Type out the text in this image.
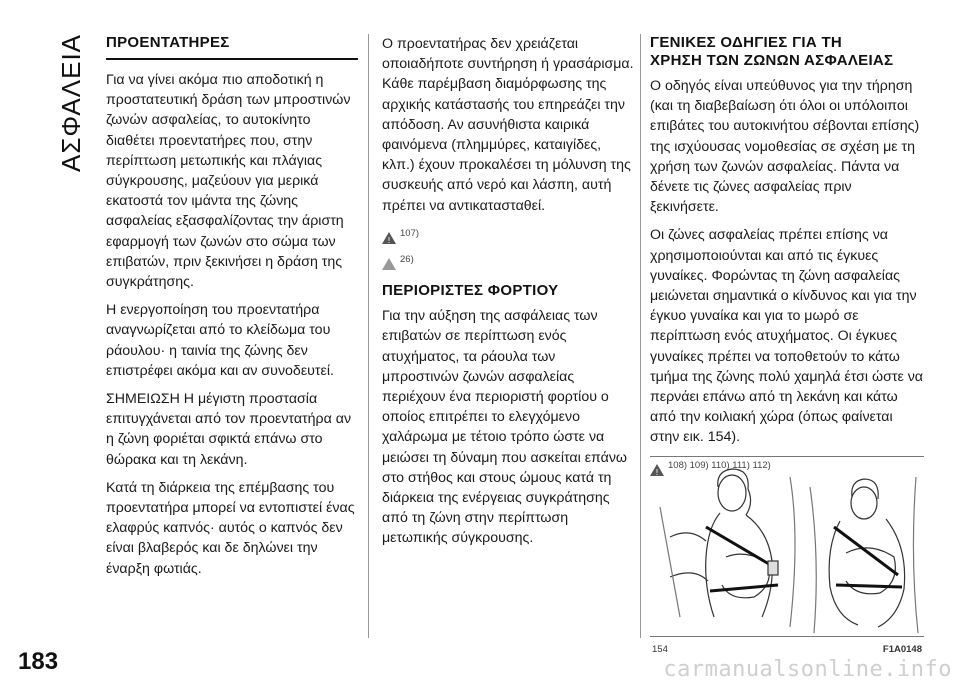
ΑΣΦΑΛΕΙΑ
183
ΠΡΟΕΝΤΑΤΗΡΕΣ

Για να γίνει ακόμα πιο αποδοτική η προστατευτική δράση των μπροστινών ζωνών ασφαλείας, το αυτοκίνητο διαθέτει προεντατήρες που, στην περίπτωση μετωπικής και πλάγιας σύγκρουσης, μαζεύουν για μερικά εκατοστά τον ιμάντα της ζώνης ασφαλείας εξασφαλίζοντας την άριστη εφαρμογή των ζωνών στο σώμα των επιβατών, πριν ξεκινήσει η δράση της συγκράτησης.

Η ενεργοποίηση του προεντατήρα αναγνωρίζεται από το κλείδωμα του ράουλου· η ταινία της ζώνης δεν επιστρέφει ακόμα και αν συνοδευτεί.

ΣΗΜΕΙΩΣΗ Η μέγιστη προστασία επιτυγχάνεται από τον προεντατήρα αν η ζώνη φοριέται σφικτά επάνω στο θώρακα και τη λεκάνη.

Κατά τη διάρκεια της επέμβασης του προεντατήρα μπορεί να εντοπιστεί ένας ελαφρύς καπνός· αυτός ο καπνός δεν είναι βλαβερός και δε δηλώνει την έναρξη φωτιάς.

Ο προεντατήρας δεν χρειάζεται οποιαδήποτε συντήρηση ή γρασάρισμα. Κάθε παρέμβαση διαμόρφωσης της αρχικής κατάστασής του επηρεάζει την απόδοση. Αν ασυνήθιστα καιρικά φαινόμενα (πλημμύρες, καταιγίδες, κλπ.) έχουν προκαλέσει τη μόλυνση της συσκευής από νερό και λάσπη, αυτή πρέπει να αντικατασταθεί.

!
107)
26)
ΠΕΡΙΟΡΙΣΤΕΣ ΦΟΡΤΙΟΥ

Για την αύξηση της ασφάλειας των επιβατών σε περίπτωση ενός ατυχήματος, τα ράουλα των μπροστινών ζωνών ασφαλείας περιέχουν ένα περιοριστή φορτίου ο οποίος επιτρέπει το ελεγχόμενο χαλάρωμα με τέτοιο τρόπο ώστε να μειώσει τη δύναμη που ασκείται επάνω στο στήθος και στους ώμους κατά τη διάρκεια της ενέργειας συγκράτησης από τη ζώνη στην περίπτωση μετωπικής σύγκρουσης.

ΓΕΝΙΚΕΣ ΟΔΗΓΙΕΣ ΓΙΑ ΤΗ
ΧΡΗΣΗ ΤΩΝ ΖΩΝΩΝ ΑΣΦΑΛΕΙΑΣ

Ο οδηγός είναι υπεύθυνος για την τήρηση (και τη διαβεβαίωση ότι όλοι οι υπόλοιποι επιβάτες του αυτοκινήτου σέβονται επίσης) της ισχύουσας νομοθεσίας σε σχέση με τη χρήση των ζωνών ασφαλείας. Πάντα να δένετε τις ζώνες ασφαλείας πριν ξεκινήσετε.

Οι ζώνες ασφαλείας πρέπει επίσης να χρησιμοποιούνται και από τις έγκυες γυναίκες. Φορώντας τη ζώνη ασφαλείας μειώνεται σημαντικά ο κίνδυνος και για την έγκυο γυναίκα και για το μωρό σε περίπτωση ενός ατυχήματος. Οι έγκυες γυναίκες πρέπει να τοποθετούν το κάτω τμήμα της ζώνης πολύ χαμηλά έτσι ώστε να περνάει επάνω από τη λεκάνη και κάτω από την κοιλιακή χώρα (όπως φαίνεται στην εικ. 154).

!
108) 109) 110) 111) 112)
154	F1A0148
carmanualsonline.info
